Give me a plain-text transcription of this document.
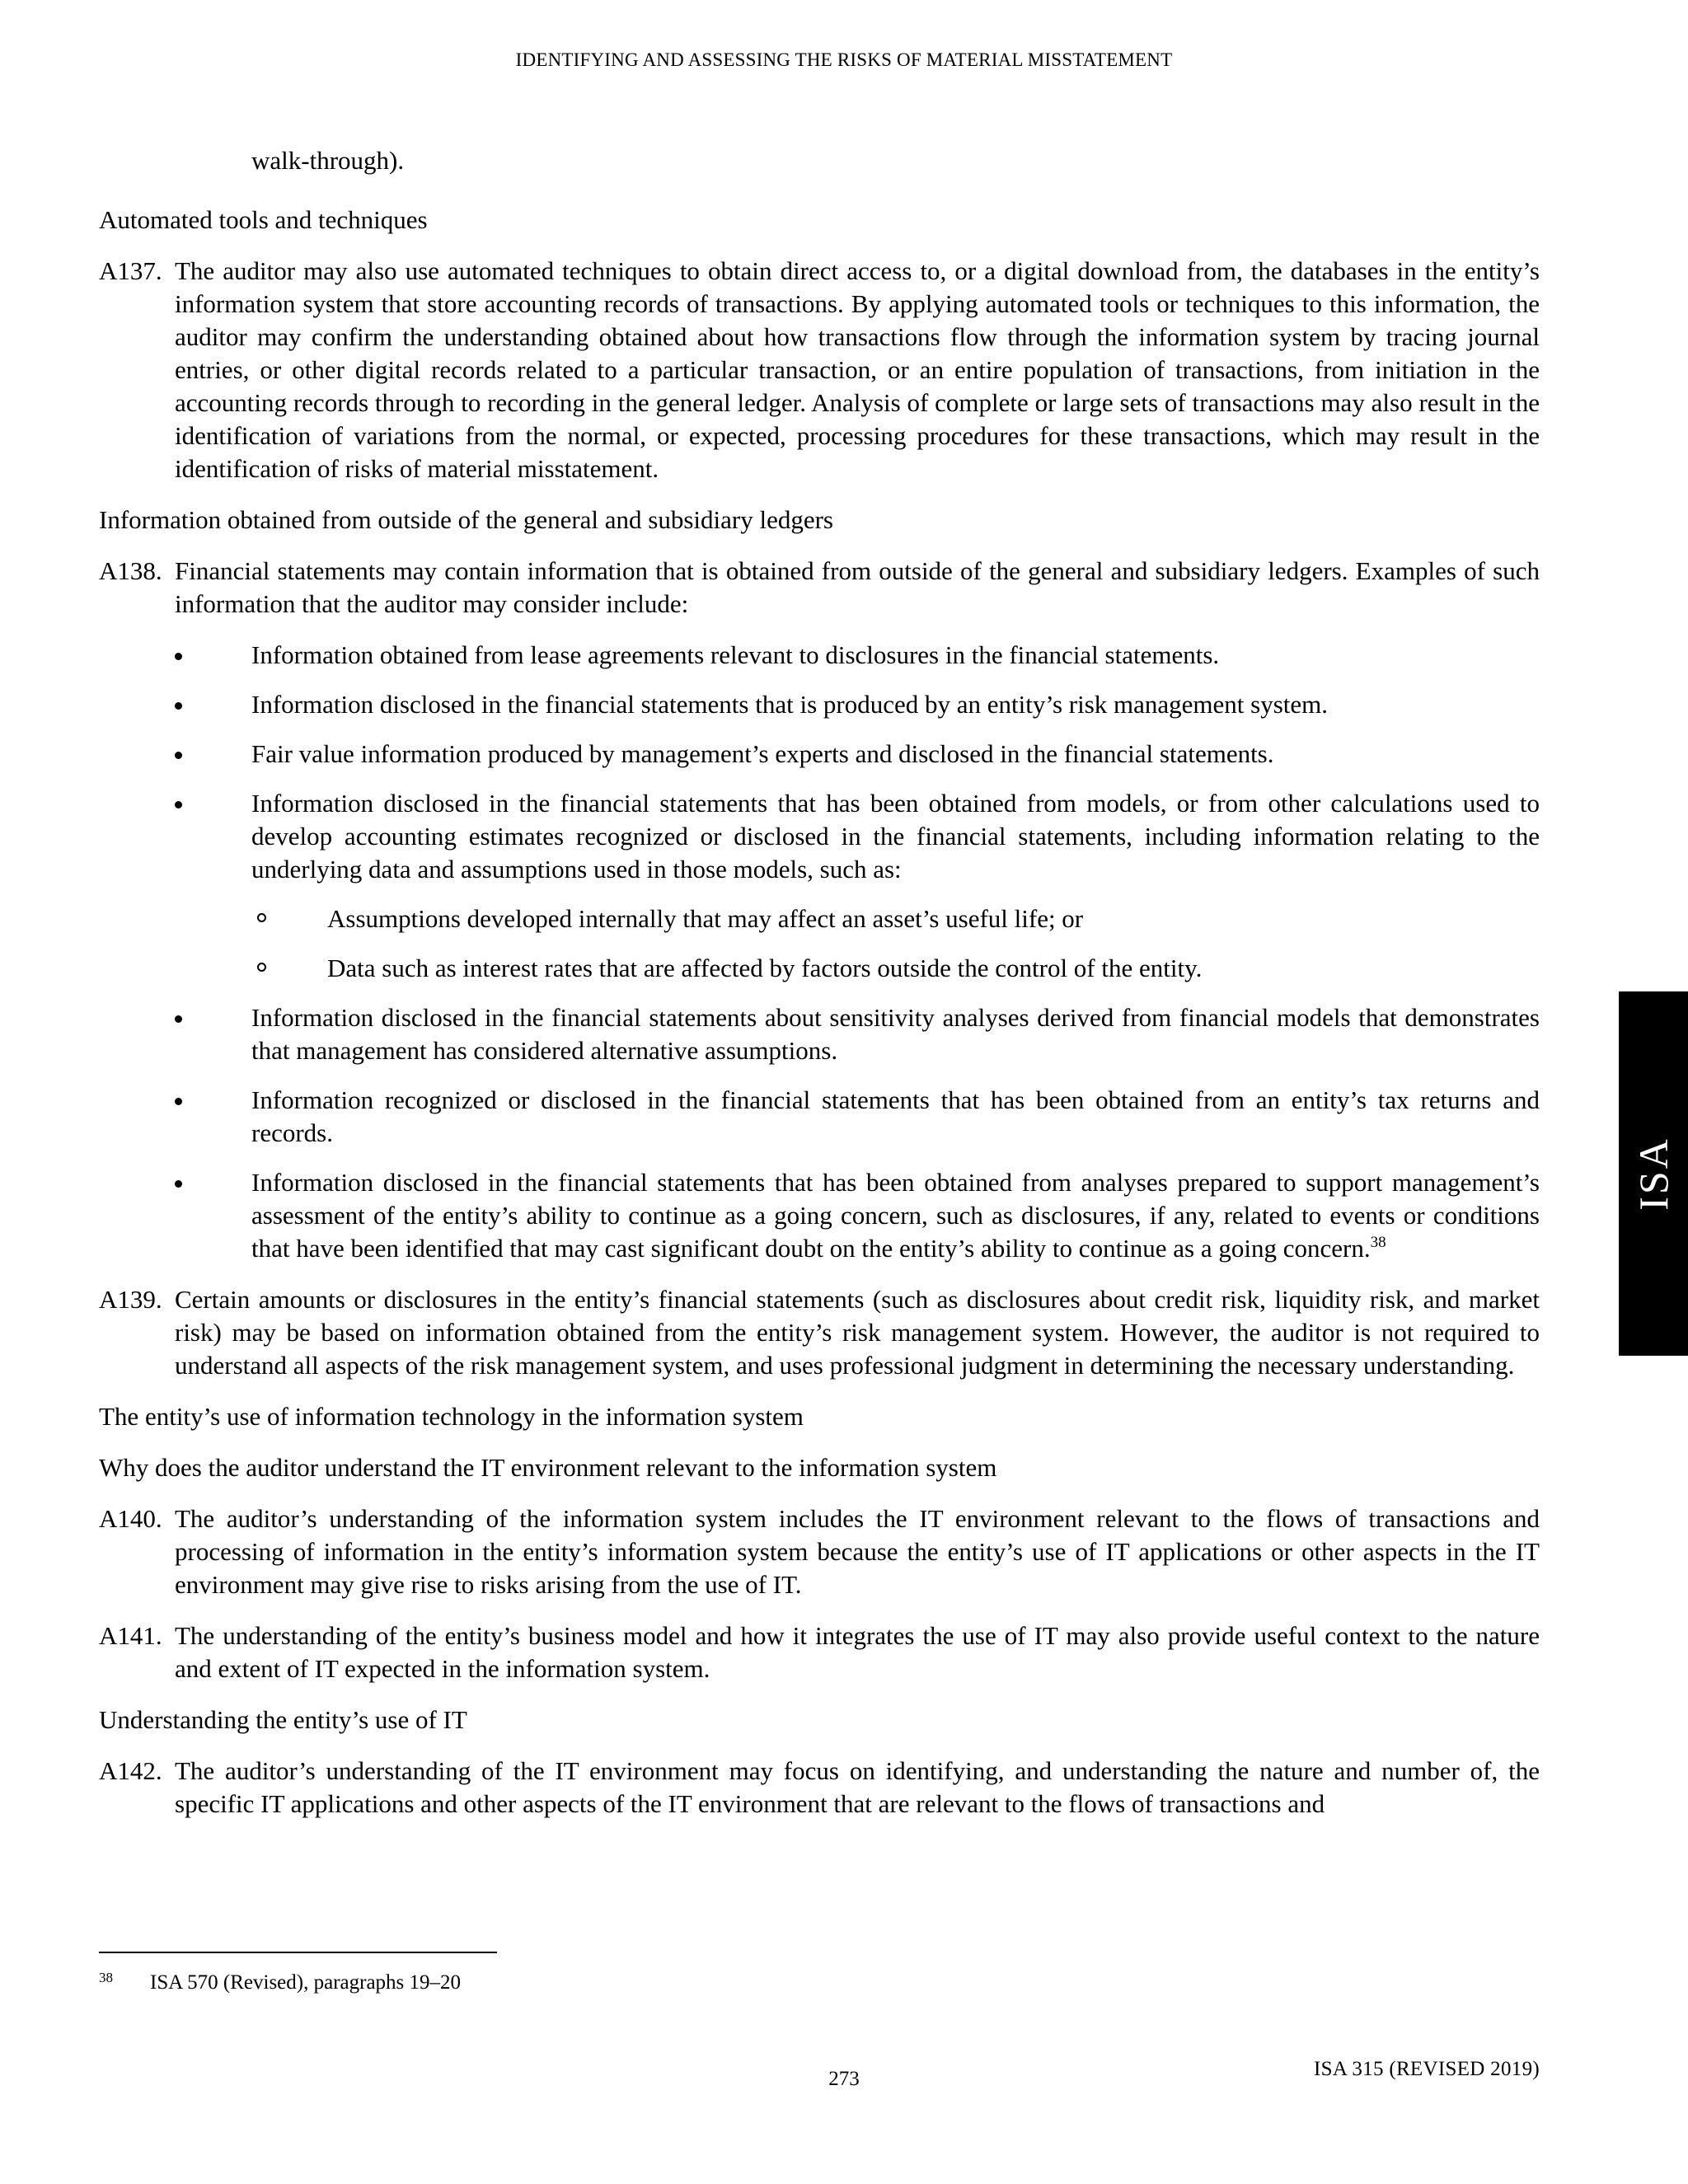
IDENTIFYING AND ASSESSING THE RISKS OF MATERIAL MISSTATEMENT

walk-through).

Automated tools and techniques

A137. The auditor may also use automated techniques to obtain direct access to, or a digital download from, the databases in the entity’s information system that store accounting records of transactions. By applying automated tools or techniques to this information, the auditor may confirm the understanding obtained about how transactions flow through the information system by tracing journal entries, or other digital records related to a particular transaction, or an entire population of transactions, from initiation in the accounting records through to recording in the general ledger. Analysis of complete or large sets of transactions may also result in the identification of variations from the normal, or expected, processing procedures for these transactions, which may result in the identification of risks of material misstatement.

Information obtained from outside of the general and subsidiary ledgers

A138. Financial statements may contain information that is obtained from outside of the general and subsidiary ledgers. Examples of such information that the auditor may consider include:
Information obtained from lease agreements relevant to disclosures in the financial statements.
Information disclosed in the financial statements that is produced by an entity’s risk management system.
Fair value information produced by management’s experts and disclosed in the financial statements.
Information disclosed in the financial statements that has been obtained from models, or from other calculations used to develop accounting estimates recognized or disclosed in the financial statements, including information relating to the underlying data and assumptions used in those models, such as:
Assumptions developed internally that may affect an asset’s useful life; or
Data such as interest rates that are affected by factors outside the control of the entity.
Information disclosed in the financial statements about sensitivity analyses derived from financial models that demonstrates that management has considered alternative assumptions.
Information recognized or disclosed in the financial statements that has been obtained from an entity’s tax returns and records.
Information disclosed in the financial statements that has been obtained from analyses prepared to support management’s assessment of the entity’s ability to continue as a going concern, such as disclosures, if any, related to events or conditions that have been identified that may cast significant doubt on the entity’s ability to continue as a going concern.$^{38}$
A139. Certain amounts or disclosures in the entity’s financial statements (such as disclosures about credit risk, liquidity risk, and market risk) may be based on information obtained from the entity’s risk management system. However, the auditor is not required to understand all aspects of the risk management system, and uses professional judgment in determining the necessary understanding.

The entity’s use of information technology in the information system

Why does the auditor understand the IT environment relevant to the information system

A140. The auditor’s understanding of the information system includes the IT environment relevant to the flows of transactions and processing of information in the entity’s information system because the entity’s use of IT applications or other aspects in the IT environment may give rise to risks arising from the use of IT.
A141. The understanding of the entity’s business model and how it integrates the use of IT may also provide useful context to the nature and extent of IT expected in the information system.

Understanding the entity’s use of IT

A142. The auditor’s understanding of the IT environment may focus on identifying, and understanding the nature and number of, the specific IT applications and other aspects of the IT environment that are relevant to the flows of transactions and
ISA
38 ISA 570 (Revised), paragraphs 19–20
273	ISA 315 (REVISED 2019)
